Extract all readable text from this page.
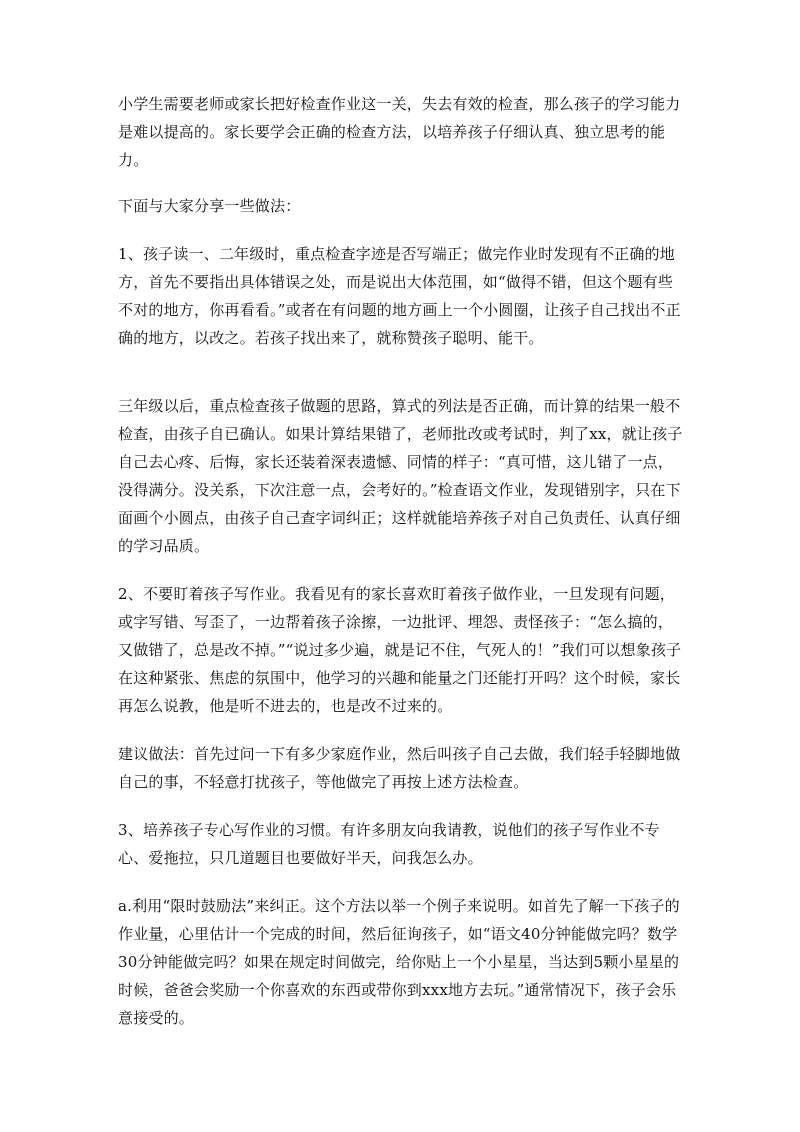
小学生需要老师或家长把好检查作业这一关，失去有效的检查，那么孩子的学习能力是难以提高的。家长要学会正确的检查方法，以培养孩子仔细认真、独立思考的能力。

下面与大家分享一些做法：

1、孩子读一、二年级时，重点检查字迹是否写端正；做完作业时发现有不正确的地方，首先不要指出具体错误之处，而是说出大体范围，如“做得不错，但这个题有些不对的地方，你再看看。”或者在有问题的地方画上一个小圆圈，让孩子自己找出不正确的地方，以改之。若孩子找出来了，就称赞孩子聪明、能干。

三年级以后，重点检查孩子做题的思路，算式的列法是否正确，而计算的结果一般不检查，由孩子自已确认。如果计算结果错了，老师批改或考试时，判了xx，就让孩子自己去心疼、后悔，家长还装着深表遗憾、同情的样子：“真可惜，这儿错了一点，没得满分。没关系，下次注意一点，会考好的。”检查语文作业，发现错别字，只在下面画个小圆点，由孩子自己查字词纠正；这样就能培养孩子对自己负责任、认真仔细的学习品质。

2、不要盯着孩子写作业。我看见有的家长喜欢盯着孩子做作业，一旦发现有问题，或字写错、写歪了，一边帮着孩子涂擦，一边批评、埋怨、责怪孩子：“怎么搞的，又做错了，总是改不掉。”“说过多少遍，就是记不住，气死人的！”我们可以想象孩子在这种紧张、焦虑的氛围中，他学习的兴趣和能量之门还能打开吗？这个时候，家长再怎么说教，他是听不进去的，也是改不过来的。

建议做法：首先过问一下有多少家庭作业，然后叫孩子自己去做，我们轻手轻脚地做自己的事，不轻意打扰孩子，等他做完了再按上述方法检查。

3、培养孩子专心写作业的习惯。有许多朋友向我请教，说他们的孩子写作业不专心、爱拖拉，只几道题目也要做好半天，问我怎么办。

a.利用“限时鼓励法”来纠正。这个方法以举一个例子来说明。如首先了解一下孩子的作业量，心里估计一个完成的时间，然后征询孩子，如“语文40分钟能做完吗？数学30分钟能做完吗？如果在规定时间做完，给你贴上一个小星星，当达到5颗小星星的时候，爸爸会奖励一个你喜欢的东西或带你到xxx地方去玩。”通常情况下，孩子会乐意接受的。
